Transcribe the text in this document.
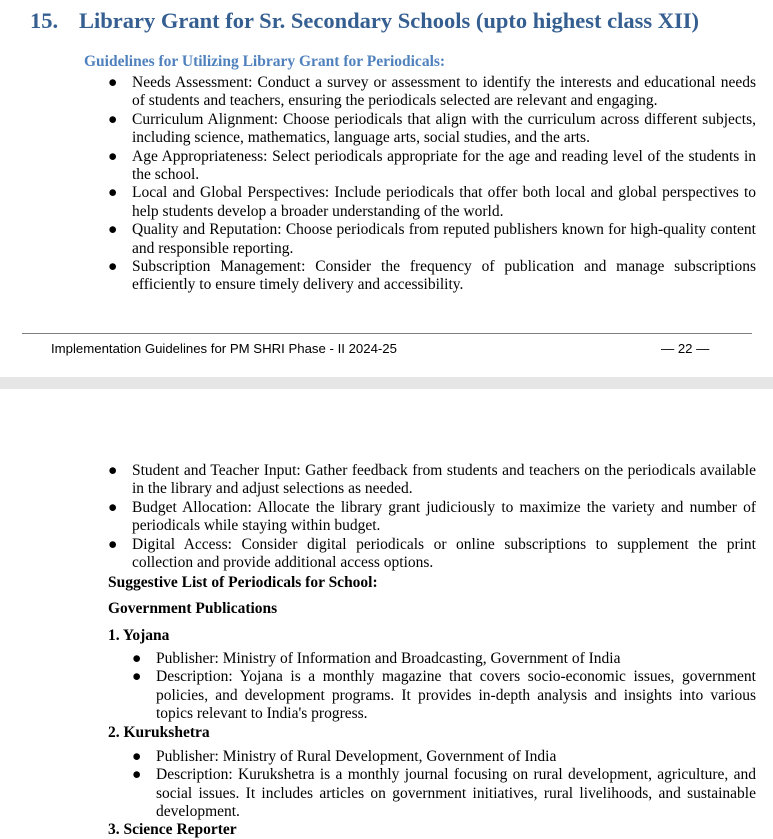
15. Library Grant for Sr. Secondary Schools (upto highest class XII)
Guidelines for Utilizing Library Grant for Periodicals:
● Needs Assessment: Conduct a survey or assessment to identify the interests and educational needs of students and teachers, ensuring the periodicals selected are relevant and engaging.
● Curriculum Alignment: Choose periodicals that align with the curriculum across different subjects, including science, mathematics, language arts, social studies, and the arts.
● Age Appropriateness: Select periodicals appropriate for the age and reading level of the students in the school.
● Local and Global Perspectives: Include periodicals that offer both local and global perspectives to help students develop a broader understanding of the world.
● Quality and Reputation: Choose periodicals from reputed publishers known for high-quality content and responsible reporting.
● Subscription Management: Consider the frequency of publication and manage subscriptions efficiently to ensure timely delivery and accessibility.
Implementation Guidelines for PM SHRI Phase - II 2024-25	— 22 —
● Student and Teacher Input: Gather feedback from students and teachers on the periodicals available in the library and adjust selections as needed.
● Budget Allocation: Allocate the library grant judiciously to maximize the variety and number of periodicals while staying within budget.
● Digital Access: Consider digital periodicals or online subscriptions to supplement the print collection and provide additional access options.
Suggestive List of Periodicals for School:
Government Publications
1. Yojana
● Publisher: Ministry of Information and Broadcasting, Government of India
● Description: Yojana is a monthly magazine that covers socio-economic issues, government policies, and development programs. It provides in-depth analysis and insights into various topics relevant to India's progress.
2. Kurukshetra
● Publisher: Ministry of Rural Development, Government of India
● Description: Kurukshetra is a monthly journal focusing on rural development, agriculture, and social issues. It includes articles on government initiatives, rural livelihoods, and sustainable development.
3. Science Reporter
